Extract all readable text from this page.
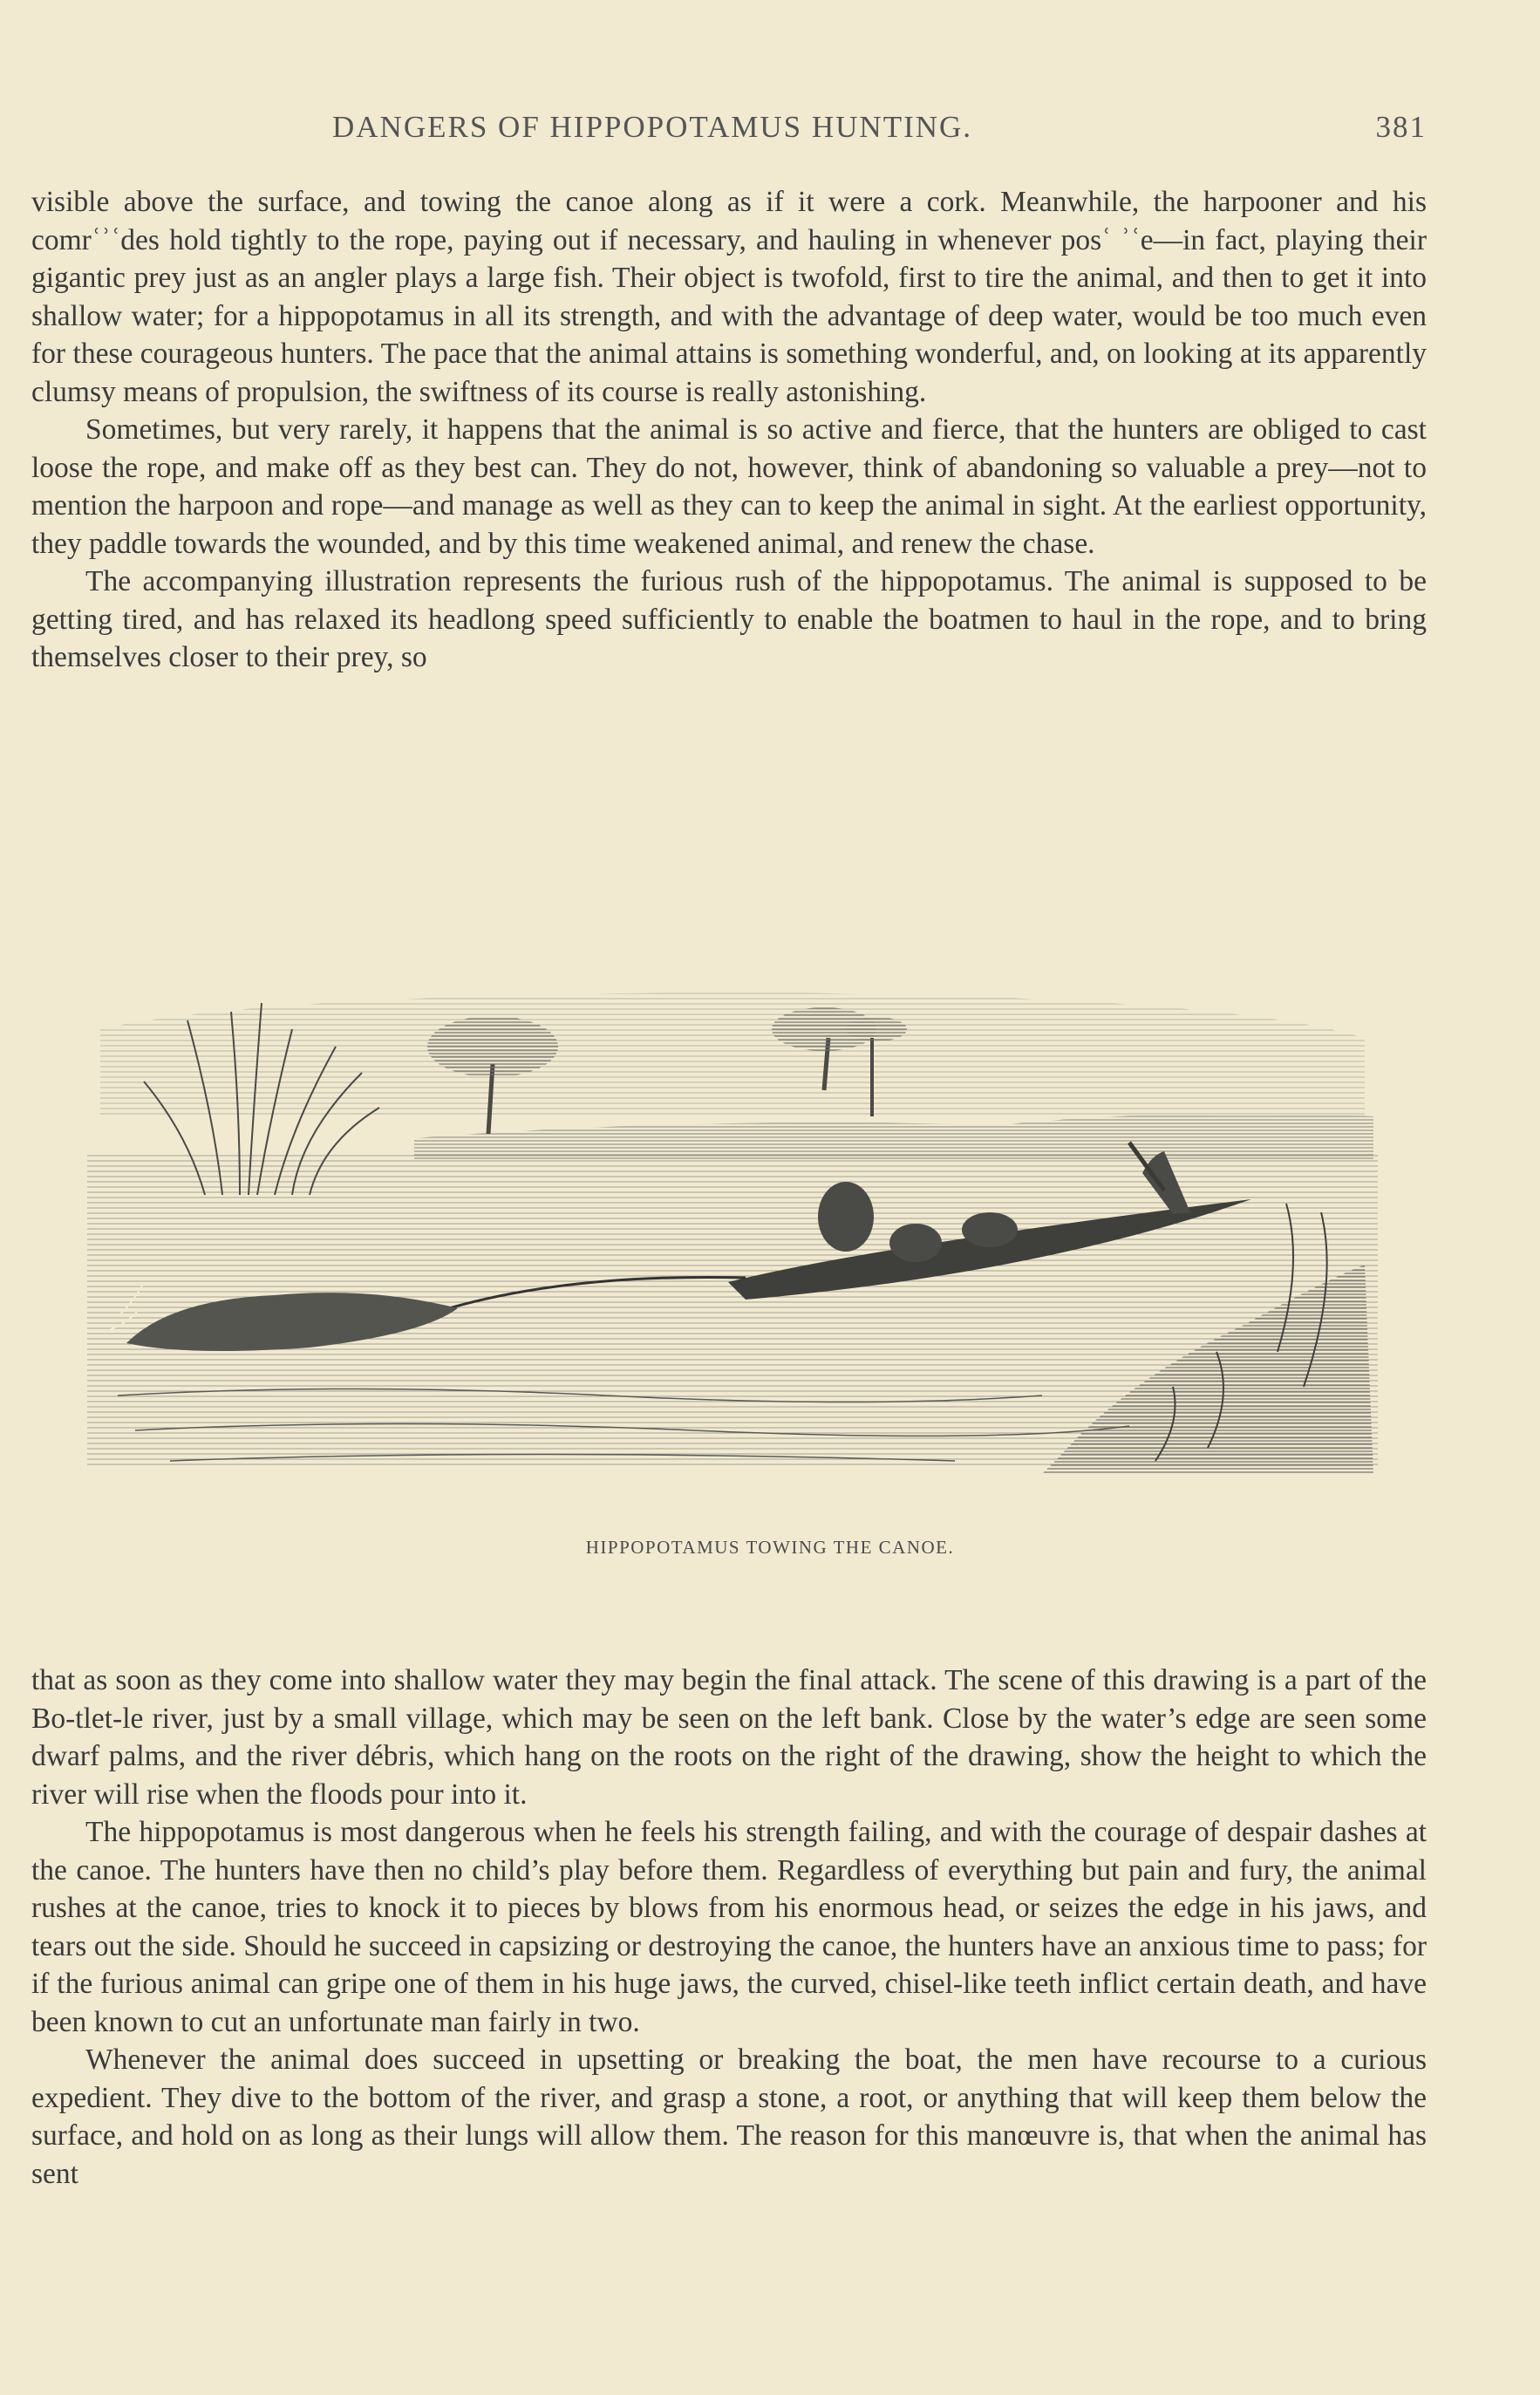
DANGERS OF HIPPOPOTAMUS HUNTING.	381

visible above the surface, and towing the canoe along as if it were a cork. Meanwhile, the harpooner and his comrʿʾʿdes hold tightly to the rope, paying out if necessary, and hauling in whenever posʿ ʾʿe—in fact, playing their gigantic prey just as an angler plays a large fish. Their object is twofold, first to tire the animal, and then to get it into shallow water; for a hippopotamus in all its strength, and with the advantage of deep water, would be too much even for these courageous hunters. The pace that the animal attains is something wonderful, and, on looking at its apparently clumsy means of propulsion, the swiftness of its course is really astonishing.

Sometimes, but very rarely, it happens that the animal is so active and fierce, that the hunters are obliged to cast loose the rope, and make off as they best can. They do not, however, think of abandoning so valuable a prey—not to mention the harpoon and rope—and manage as well as they can to keep the animal in sight. At the earliest opportunity, they paddle towards the wounded, and by this time weakened animal, and renew the chase.

The accompanying illustration represents the furious rush of the hippopotamus. The animal is supposed to be getting tired, and has relaxed its headlong speed sufficiently to enable the boatmen to haul in the rope, and to bring themselves closer to their prey, so

HIPPOPOTAMUS TOWING THE CANOE.

that as soon as they come into shallow water they may begin the final attack. The scene of this drawing is a part of the Bo-tlet-le river, just by a small village, which may be seen on the left bank. Close by the water’s edge are seen some dwarf palms, and the river débris, which hang on the roots on the right of the drawing, show the height to which the river will rise when the floods pour into it.

The hippopotamus is most dangerous when he feels his strength failing, and with the courage of despair dashes at the canoe. The hunters have then no child’s play before them. Regardless of everything but pain and fury, the animal rushes at the canoe, tries to knock it to pieces by blows from his enormous head, or seizes the edge in his jaws, and tears out the side. Should he succeed in capsizing or destroying the canoe, the hunters have an anxious time to pass; for if the furious animal can gripe one of them in his huge jaws, the curved, chisel-like teeth inflict certain death, and have been known to cut an unfortunate man fairly in two.

Whenever the animal does succeed in upsetting or breaking the boat, the men have recourse to a curious expedient. They dive to the bottom of the river, and grasp a stone, a root, or anything that will keep them below the surface, and hold on as long as their lungs will allow them. The reason for this manœuvre is, that when the animal has sent
